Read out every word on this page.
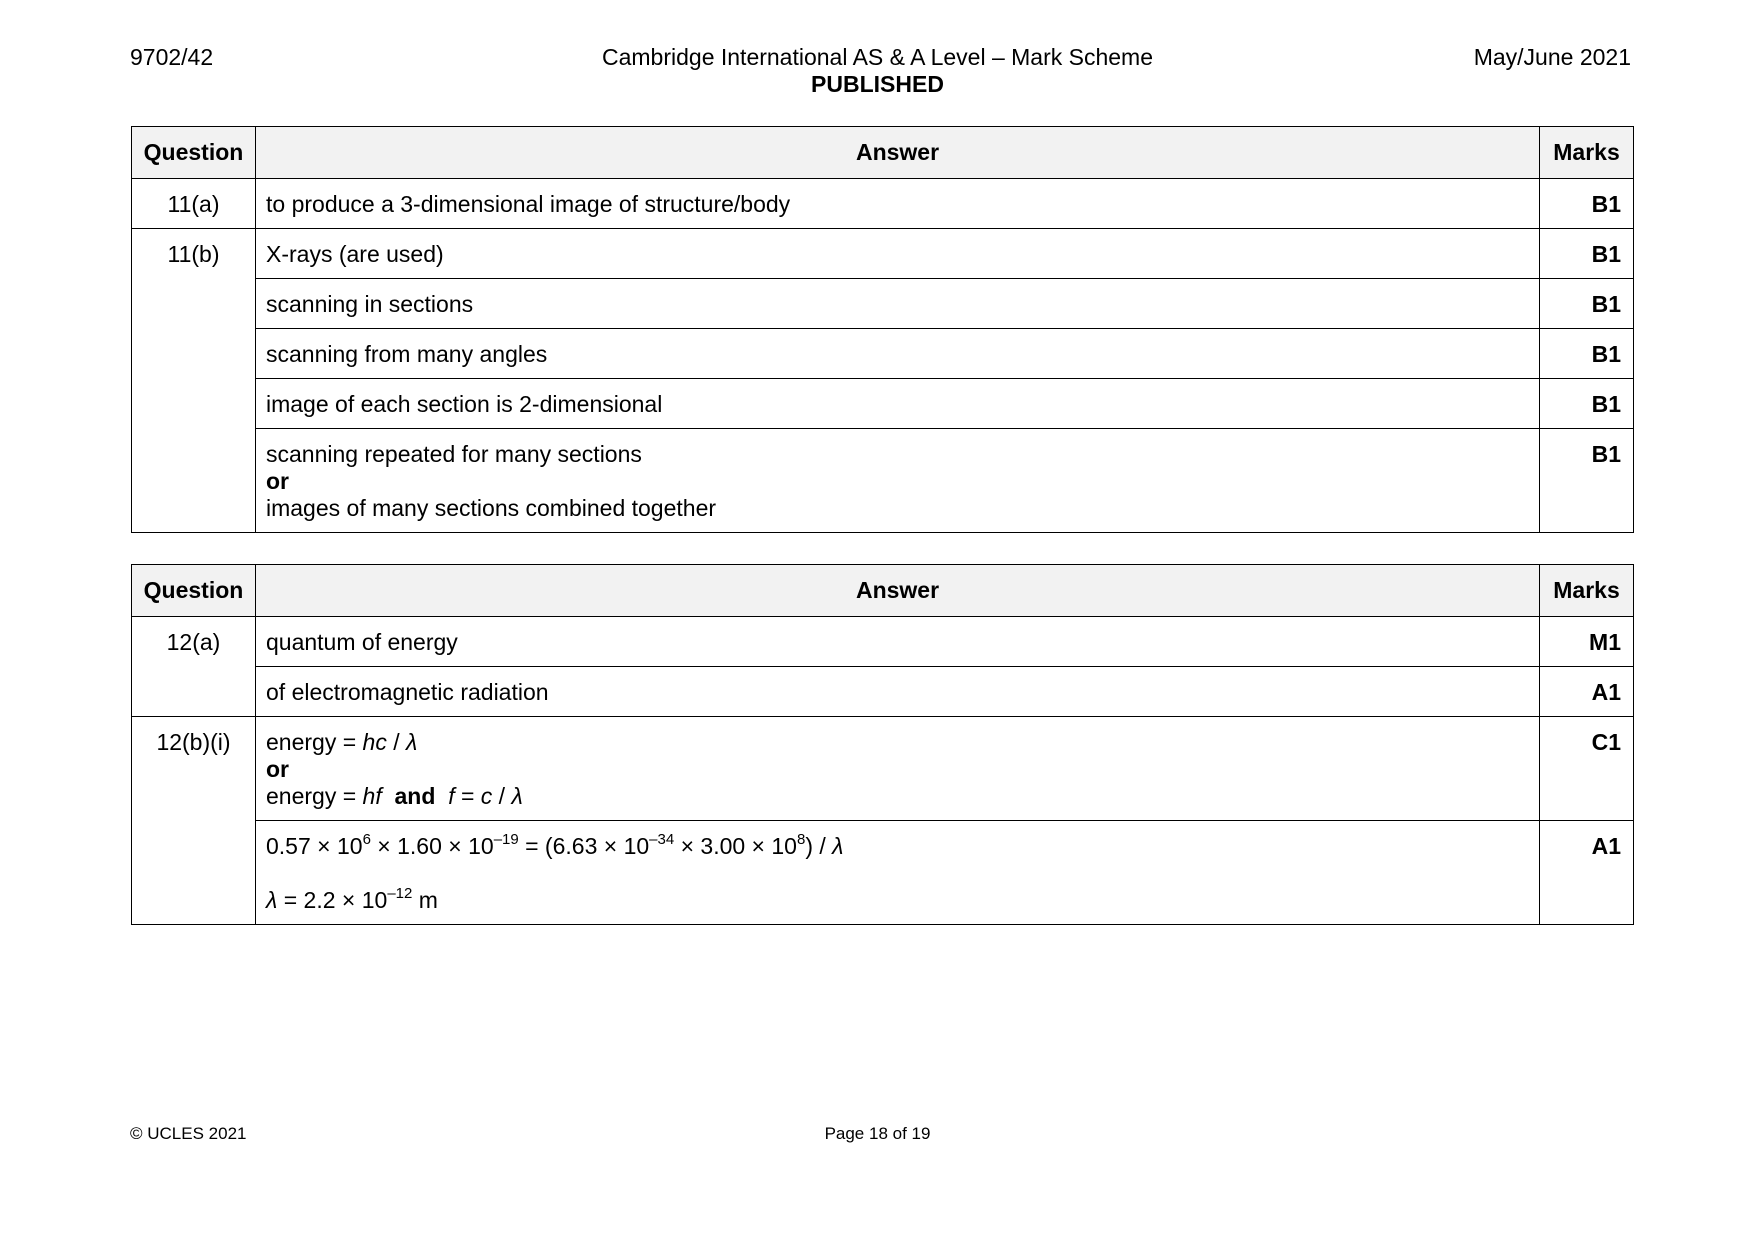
9702/42	Cambridge International AS & A Level – Mark Scheme
PUBLISHED
May/June 2021
Question	Answer	Marks
11(a)	to produce a 3-dimensional image of structure/body	B1
11(b)	X-rays (are used)	B1
	scanning in sections	B1
	scanning from many angles	B1
	image of each section is 2-dimensional	B1

	scanning repeated for many sections
or
images of many sections combined together	B1
Question	Answer	Marks
12(a)	quantum of energy	M1
	of electromagnetic radiation	A1
12(b)(i)	energy = hc / λ
or
energy = hf and f = c / λ	C1

	$0.57 \times 10^6 \times 1.60 \times 10^{-19} = (6.63 \times 10^{-34} \times 3.00 \times 10^8) / \lambda$
$\lambda = 2.2 \times 10^{-12}$ m	A1
© UCLES 2021	Page 18 of 19
